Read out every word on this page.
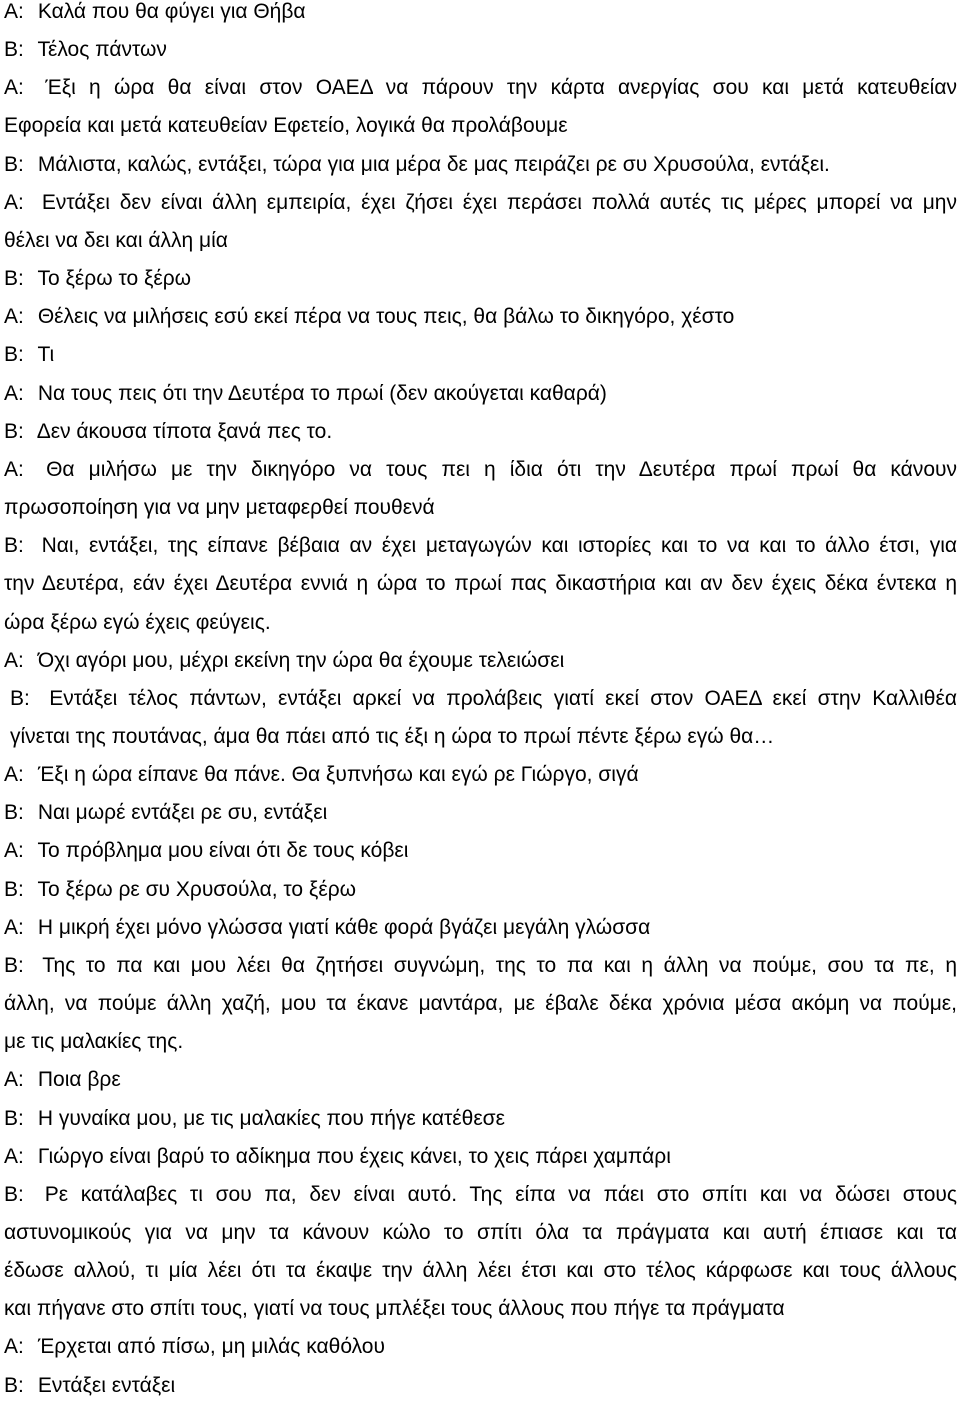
Α: Καλά που θα φύγει για Θήβα
Β: Τέλος πάντων
Α: Έξι η ώρα θα είναι στον ΟΑΕΔ να πάρουν την κάρτα ανεργίας σου και μετά κατευθείαν
Εφορεία και μετά κατευθείαν Εφετείο, λογικά θα προλάβουμε
Β: Μάλιστα, καλώς, εντάξει, τώρα για μια μέρα δε μας πειράζει ρε συ Χρυσούλα, εντάξει.
Α: Εντάξει δεν είναι άλλη εμπειρία, έχει ζήσει έχει περάσει πολλά αυτές τις μέρες μπορεί να μην
θέλει να δει και άλλη μία
Β: Το ξέρω το ξέρω
Α: Θέλεις να μιλήσεις εσύ εκεί πέρα να τους πεις, θα βάλω το δικηγόρο, χέστο
Β: Τι
Α: Να τους πεις ότι την Δευτέρα το πρωί (δεν ακούγεται καθαρά)
Β: Δεν άκουσα τίποτα ξανά πες το.
Α: Θα μιλήσω με την δικηγόρο να τους πει η ίδια ότι την Δευτέρα πρωί πρωί θα κάνουν
πρωσοποίηση για να μην μεταφερθεί πουθενά
Β: Ναι, εντάξει, της είπανε βέβαια αν έχει μεταγωγών και ιστορίες και το να και το άλλο έτσι, για
την Δευτέρα, εάν έχει Δευτέρα εννιά η ώρα το πρωί πας δικαστήρια και αν δεν έχεις δέκα έντεκα η
ώρα ξέρω εγώ έχεις φεύγεις.
Α: Όχι αγόρι μου, μέχρι εκείνη την ώρα θα έχουμε τελειώσει
Β: Εντάξει τέλος πάντων, εντάξει αρκεί να προλάβεις γιατί εκεί στον ΟΑΕΔ εκεί στην Καλλιθέα
γίνεται της πουτάνας, άμα θα πάει από τις έξι η ώρα το πρωί πέντε ξέρω εγώ θα…
Α: Έξι η ώρα είπανε θα πάνε. Θα ξυπνήσω και εγώ ρε Γιώργο, σιγά
Β: Ναι μωρέ εντάξει ρε συ, εντάξει
Α: Το πρόβλημα μου είναι ότι δε τους κόβει
Β: Το ξέρω ρε συ Χρυσούλα, το ξέρω
Α: Η μικρή έχει μόνο γλώσσα γιατί κάθε φορά βγάζει μεγάλη γλώσσα
Β: Της το πα και μου λέει θα ζητήσει συγνώμη, της το πα και η άλλη να πούμε, σου τα πε, η
άλλη, να πούμε άλλη χαζή, μου τα έκανε μαντάρα, με έβαλε δέκα χρόνια μέσα ακόμη να πούμε,
με τις μαλακίες της.
Α: Ποια βρε
Β: Η γυναίκα μου, με τις μαλακίες που πήγε κατέθεσε
Α: Γιώργο είναι βαρύ το αδίκημα που έχεις κάνει, το χεις πάρει χαμπάρι
Β: Ρε κατάλαβες τι σου πα, δεν είναι αυτό. Της είπα να πάει στο σπίτι και να δώσει στους
αστυνομικούς για να μην τα κάνουν κώλο το σπίτι όλα τα πράγματα και αυτή έπιασε και τα
έδωσε αλλού, τι μία λέει ότι τα έκαψε την άλλη λέει έτσι και στο τέλος κάρφωσε και τους άλλους
και πήγανε στο σπίτι τους, γιατί να τους μπλέξει τους άλλους που πήγε τα πράγματα
Α: Έρχεται από πίσω, μη μιλάς καθόλου
Β: Εντάξει εντάξει
